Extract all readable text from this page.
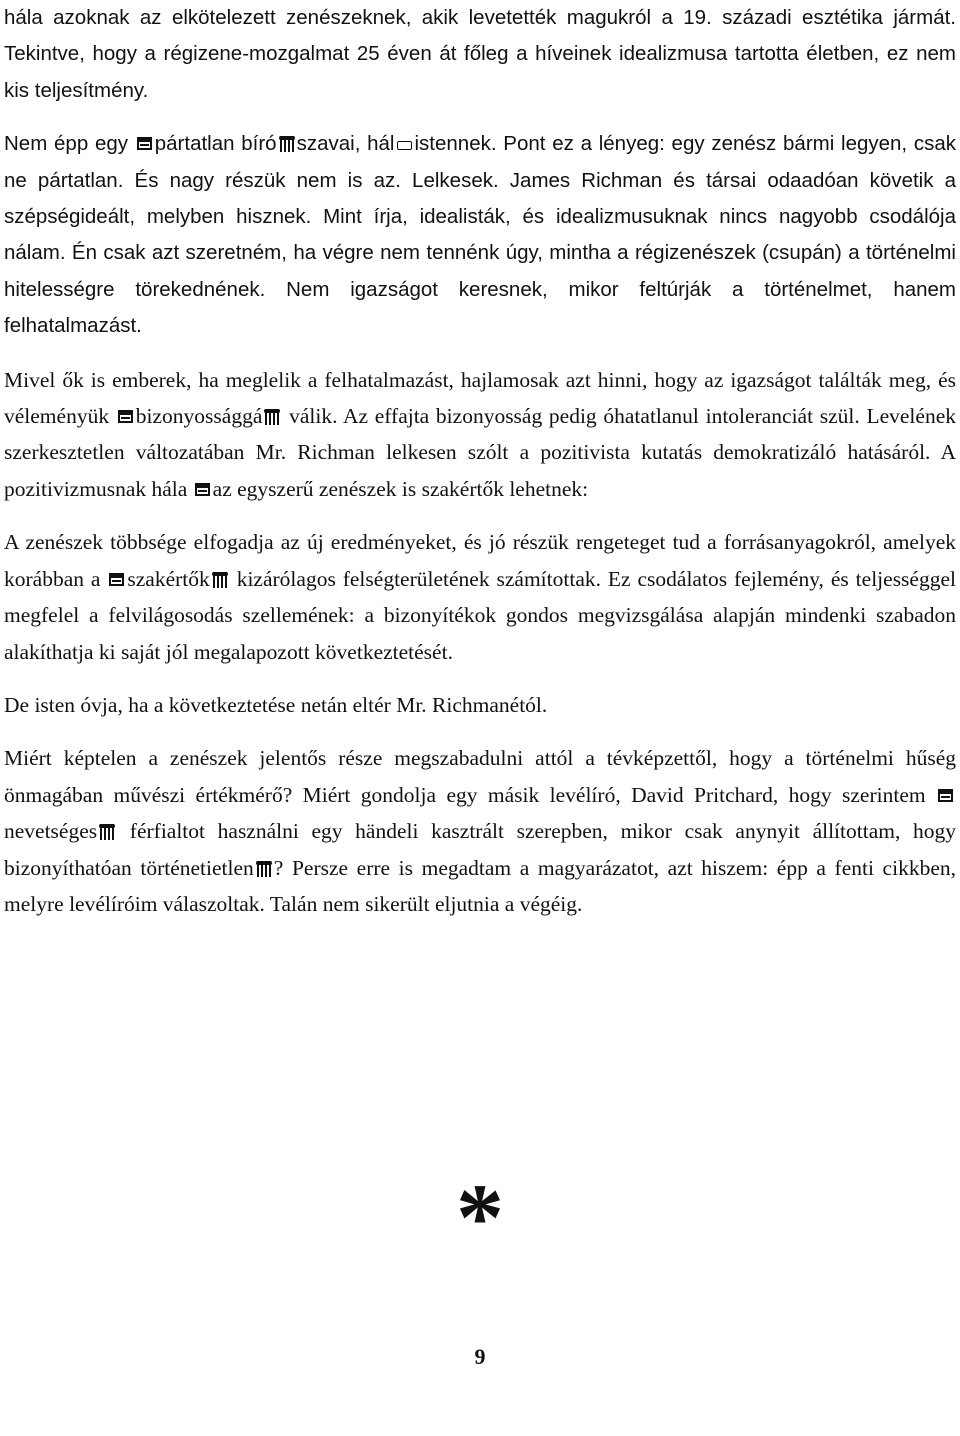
hála azoknak az elkötelezett zenészeknek, akik levetették magukról a 19. századi esztétika jármát. Tekintve, hogy a régizene-mozgalmat 25 éven át főleg a híveinek idealizmusa tartotta életben, ez nem kis teljesítmény.

Nem épp egy pártatlan bíró szavai, hál istennek. Pont ez a lényeg: egy zenész bármi legyen, csak ne pártatlan. És nagy részük nem is az. Lelkesek. James Richman és társai odaadóan követik a szépségideált, melyben hisznek. Mint írja, idealisták, és idealizmusuknak nincs nagyobb csodálója nálam. Én csak azt szeretném, ha végre nem tennénk úgy, mintha a régizenészek (csupán) a történelmi hitelességre törekednének. Nem igazságot keresnek, mikor feltúrják a történelmet, hanem felhatalmazást.

Mivel ők is emberek, ha meglelik a felhatalmazást, hajlamosak azt hinni, hogy az igazságot találták meg, és véleményük bizonyossággá válik. Az effajta bizonyosság pedig óhatatlanul intoleranciát szül. Levelének szerkesztetlen változatában Mr. Richman lelkesen szólt a pozitivista kutatás demokratizáló hatásáról. A pozitivizmusnak hála az egyszerű zenészek is szakértők lehetnek:

A zenészek többsége elfogadja az új eredményeket, és jó részük rengeteget tud a forrásanyagokról, amelyek korábban a szakértők kizárólagos felségterületének számítottak. Ez csodálatos fejlemény, és teljességgel megfelel a felvilágosodás szellemének: a bizonyítékok gondos megvizsgálása alapján mindenki szabadon alakíthatja ki saját jól megalapozott következtetését.

De isten óvja, ha a következtetése netán eltér Mr. Richmanétól.

Miért képtelen a zenészek jelentős része megszabadulni attól a tévképzettől, hogy a történelmi hűség önmagában művészi értékmérő? Miért gondolja egy másik levélíró, David Pritchard, hogy szerintem nevetséges férfialtot használni egy händeli kasztrált szerepben, mikor csak anynyit állítottam, hogy bizonyíthatóan történetietlen ? Persze erre is megadtam a magyarázatot, azt hiszem: épp a fenti cikkben, melyre levélíróim válaszoltak. Talán nem sikerült eljutnia a végéig.

*
9
